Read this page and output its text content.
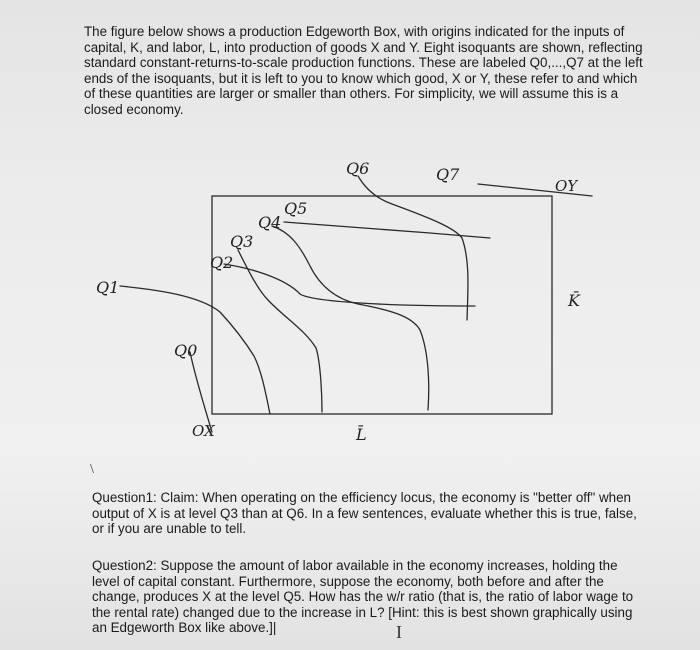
The figure below shows a production Edgeworth Box, with origins indicated for the inputs of capital, K, and labor, L, into production of goods X and Y. Eight isoquants are shown, reflecting standard constant-returns-to-scale production functions. These are labeled Q0,...,Q7 at the left ends of the isoquants, but it is left to you to know which good, X or Y, these refer to and which of these quantities are larger or smaller than others. For simplicity, we will assume this is a closed economy.
Q6	Q7
OY
Q5
Q4
Q3
Q2
Q1
K̄
Q0
OX	L̄
\
Question1: Claim: When operating on the efficiency locus, the economy is "better off" when output of X is at level Q3 than at Q6. In a few sentences, evaluate whether this is true, false, or if you are unable to tell.
Question2: Suppose the amount of labor available in the economy increases, holding the level of capital constant. Furthermore, suppose the economy, both before and after the change, produces X at the level Q5. How has the w/r ratio (that is, the ratio of labor wage to the rental rate) changed due to the increase in L? [Hint: this is best shown graphically using an Edgeworth Box like above.]|	I
